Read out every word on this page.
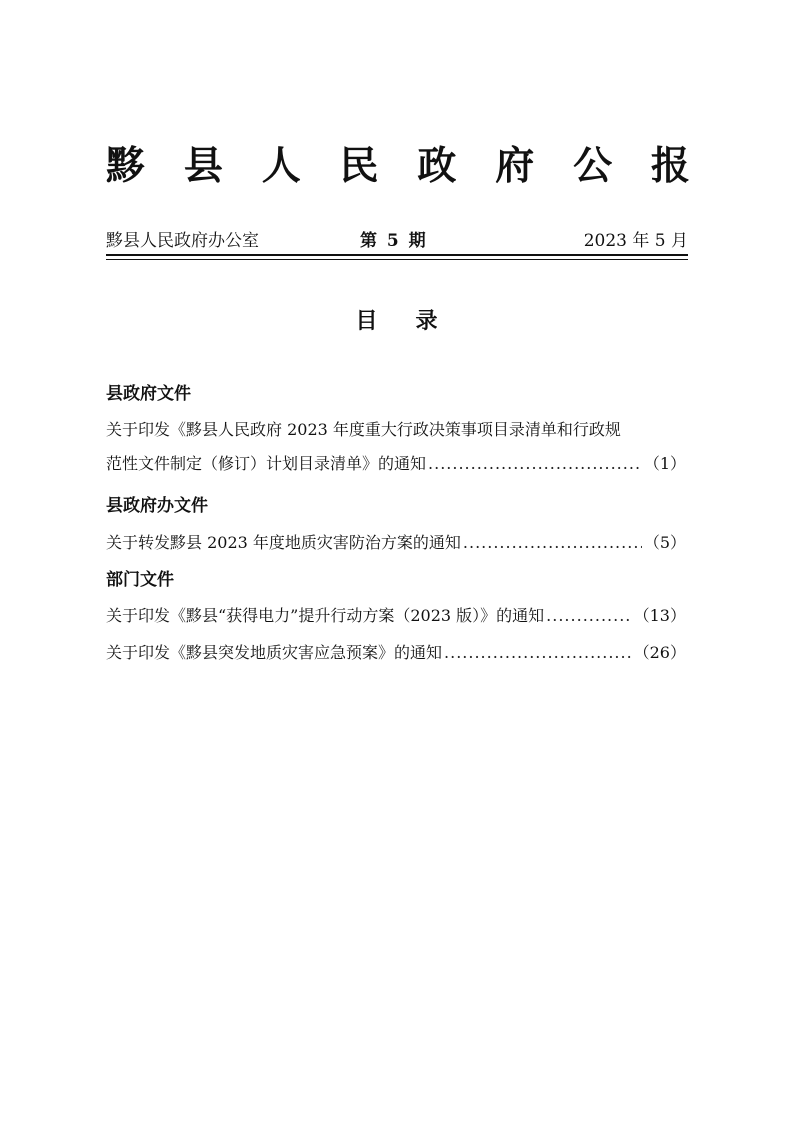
黟 县 人 民 政 府 公 报
黟县人民政府办公室	第 5 期	2023 年 5 月
目录
县政府文件
关于印发《黟县人民政府 2023 年度重大行政决策事项目录清单和行政规
范性文件制定（修订）计划目录清单》的通知 .....	（1）
县政府办文件
关于转发黟县 2023 年度地质灾害防治方案的通知 .....	（5）
部门文件
关于印发《黟县“获得电力”提升行动方案（2023 版）》的通知 .....	（13）
关于印发《黟县突发地质灾害应急预案》的通知 .....	（26）
